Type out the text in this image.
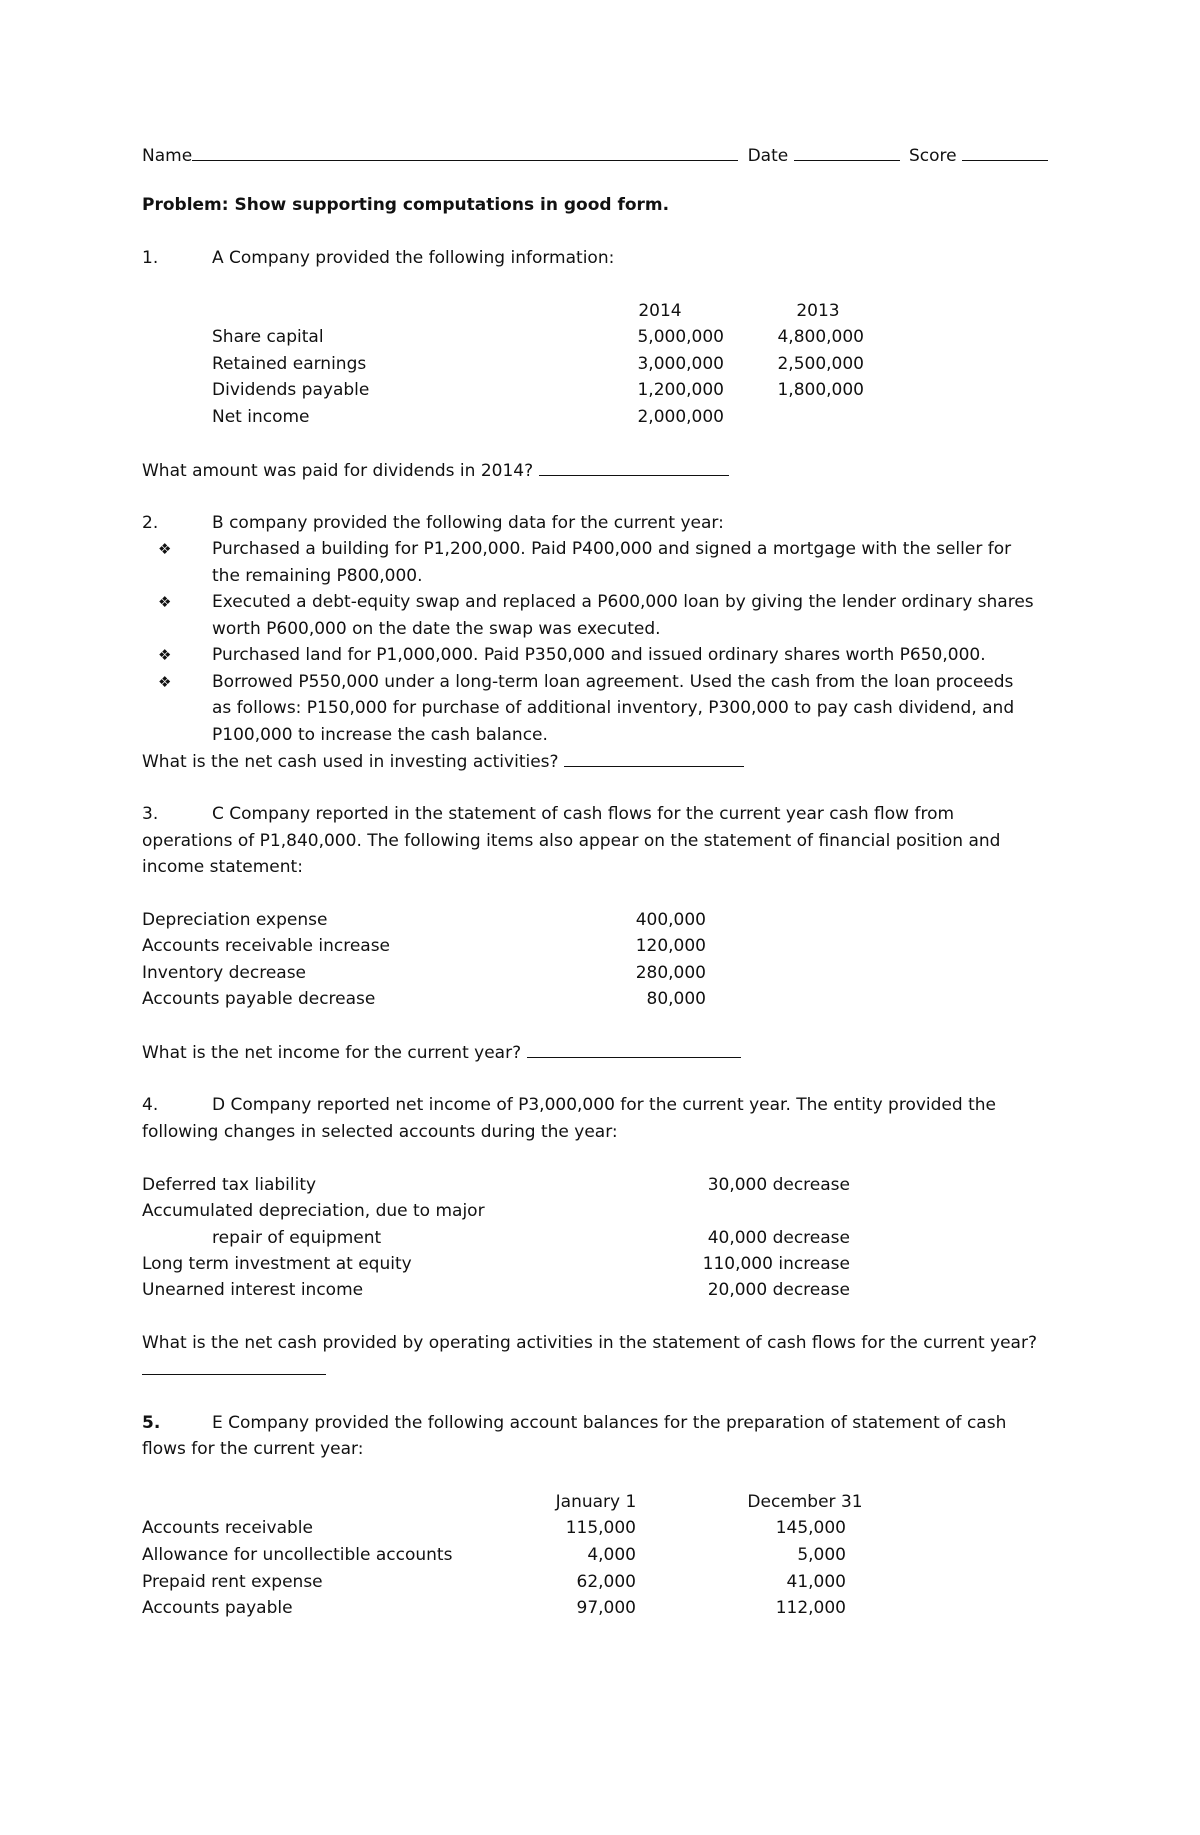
Name	Date	Score
Problem: Show supporting computations in good form.
1.	A Company provided the following information:
2014	2013
Share capital	5,000,000	4,800,000
Retained earnings	3,000,000	2,500,000
Dividends payable	1,200,000	1,800,000
Net income	2,000,000
What amount was paid for dividends in 2014?
2.	B company provided the following data for the current year:
❖ Purchased a building for P1,200,000. Paid P400,000 and signed a mortgage with the seller for
the remaining P800,000.
❖ Executed a debt-equity swap and replaced a P600,000 loan by giving the lender ordinary shares
worth P600,000 on the date the swap was executed.
❖ Purchased land for P1,000,000. Paid P350,000 and issued ordinary shares worth P650,000.
❖ Borrowed P550,000 under a long-term loan agreement. Used the cash from the loan proceeds
as follows: P150,000 for purchase of additional inventory, P300,000 to pay cash dividend, and
P100,000 to increase the cash balance.
What is the net cash used in investing activities?
3.	C Company reported in the statement of cash flows for the current year cash flow from
operations of P1,840,000. The following items also appear on the statement of financial position and
income statement:
Depreciation expense	400,000
Accounts receivable increase	120,000
Inventory decrease	280,000
Accounts payable decrease	80,000
What is the net income for the current year?
4.	D Company reported net income of P3,000,000 for the current year. The entity provided the
following changes in selected accounts during the year:
Deferred tax liability	30,000 decrease
Accumulated depreciation, due to major
repair of equipment	40,000 decrease
Long term investment at equity	110,000 increase
Unearned interest income	20,000 decrease
What is the net cash provided by operating activities in the statement of cash flows for the current year?
5.	E Company provided the following account balances for the preparation of statement of cash
flows for the current year:
January 1	December 31
Accounts receivable	115,000	145,000
Allowance for uncollectible accounts	4,000	5,000
Prepaid rent expense	62,000	41,000
Accounts payable	97,000	112,000
